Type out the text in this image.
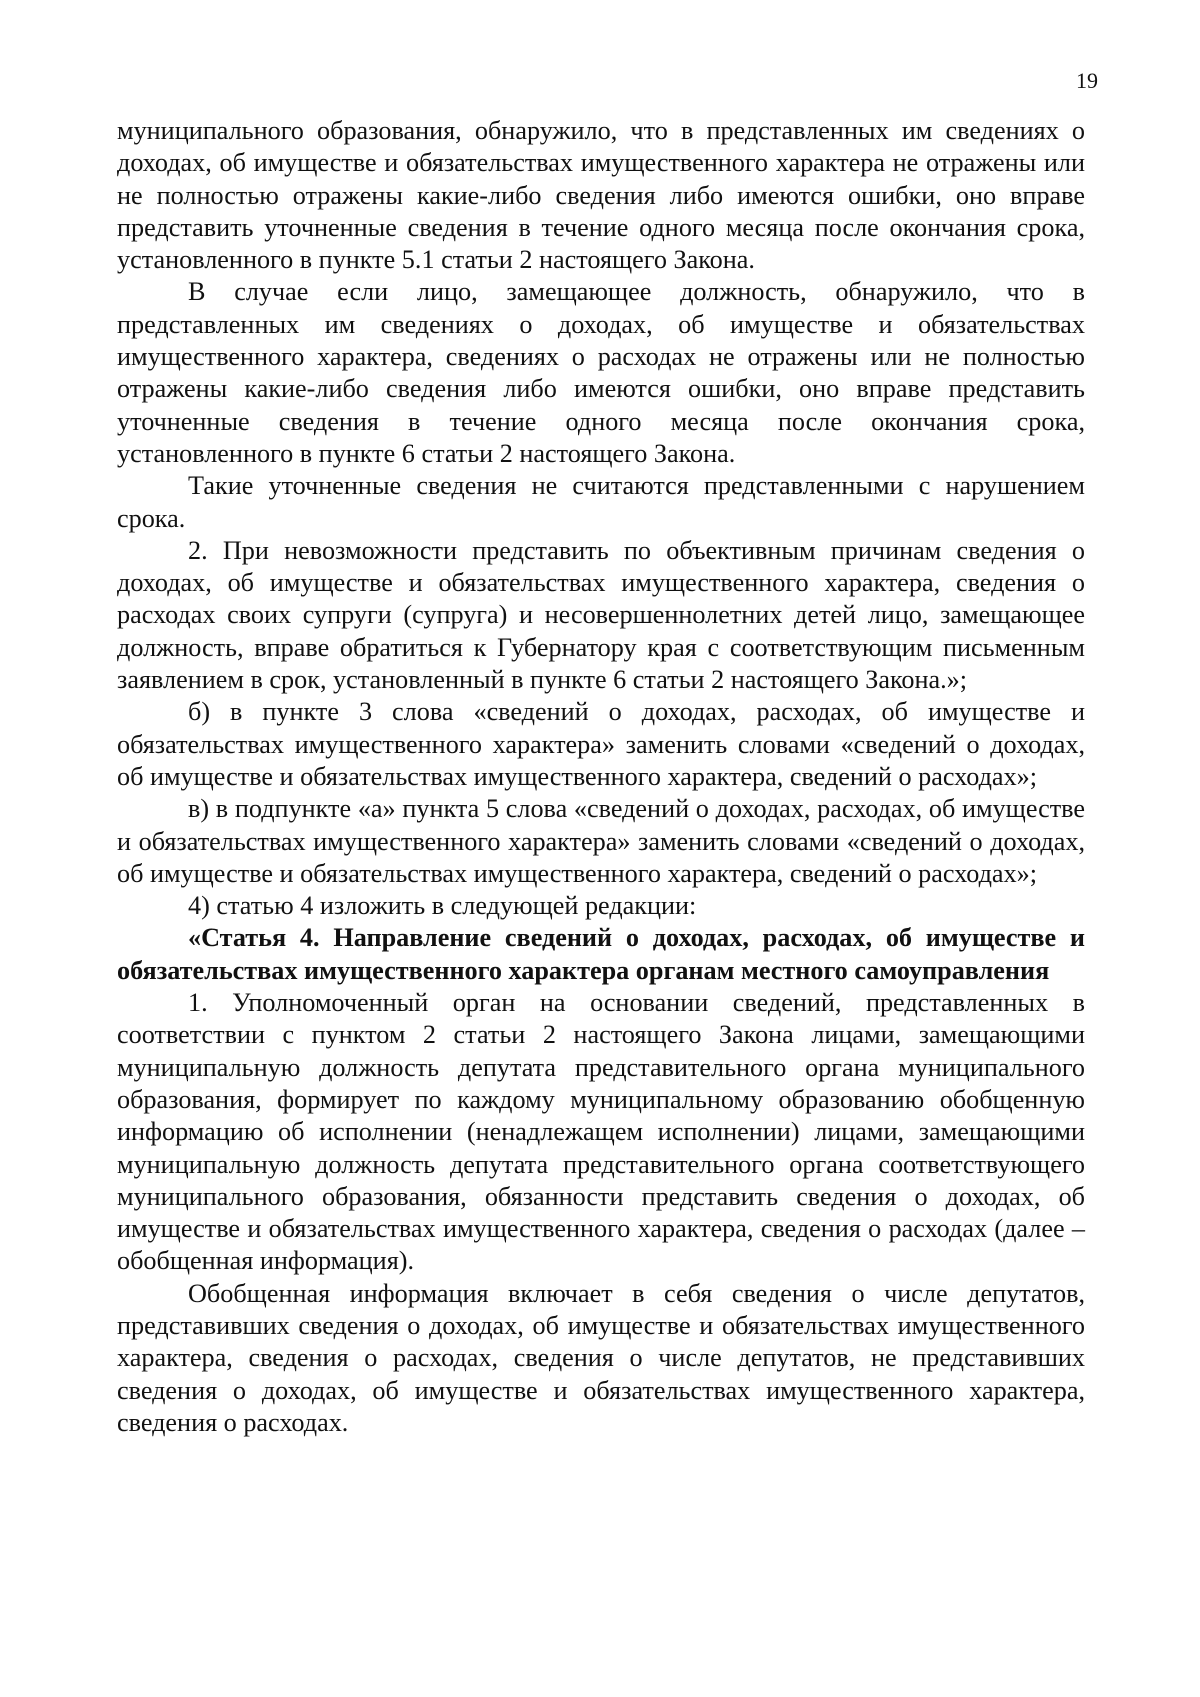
19

муниципального образования, обнаружило, что в представленных им сведениях о доходах, об имуществе и обязательствах имущественного характера не отражены или не полностью отражены какие-либо сведения либо имеются ошибки, оно вправе представить уточненные сведения в течение одного месяца после окончания срока, установленного в пункте 5.1 статьи 2 настоящего Закона.

В случае если лицо, замещающее должность, обнаружило, что в представленных им сведениях о доходах, об имуществе и обязательствах имущественного характера, сведениях о расходах не отражены или не полностью отражены какие-либо сведения либо имеются ошибки, оно вправе представить уточненные сведения в течение одного месяца после окончания срока, установленного в пункте 6 статьи 2 настоящего Закона.

Такие уточненные сведения не считаются представленными с нарушением срока.

2. При невозможности представить по объективным причинам сведения о доходах, об имуществе и обязательствах имущественного характера, сведения о расходах своих супруги (супруга) и несовершеннолетних детей лицо, замещающее должность, вправе обратиться к Губернатору края с соответствующим письменным заявлением в срок, установленный в пункте 6 статьи 2 настоящего Закона.»;

б) в пункте 3 слова «сведений о доходах, расходах, об имуществе и обязательствах имущественного характера» заменить словами «сведений о доходах, об имуществе и обязательствах имущественного характера, сведений о расходах»;

в) в подпункте «а» пункта 5 слова «сведений о доходах, расходах, об имуществе и обязательствах имущественного характера» заменить словами «сведений о доходах, об имуществе и обязательствах имущественного характера, сведений о расходах»;

4) статью 4 изложить в следующей редакции:

«Статья 4. Направление сведений о доходах, расходах, об имуществе и обязательствах имущественного характера органам местного самоуправления

1. Уполномоченный орган на основании сведений, представленных в соответствии с пунктом 2 статьи 2 настоящего Закона лицами, замещающими муниципальную должность депутата представительного органа муниципального образования, формирует по каждому муниципальному образованию обобщенную информацию об исполнении (ненадлежащем исполнении) лицами, замещающими муниципальную должность депутата представительного органа соответствующего муниципального образования, обязанности представить сведения о доходах, об имуществе и обязательствах имущественного характера, сведения о расходах (далее – обобщенная информация).

Обобщенная информация включает в себя сведения о числе депутатов, представивших сведения о доходах, об имуществе и обязательствах имущественного характера, сведения о расходах, сведения о числе депутатов, не представивших сведения о доходах, об имуществе и обязательствах имущественного характера, сведения о расходах.
